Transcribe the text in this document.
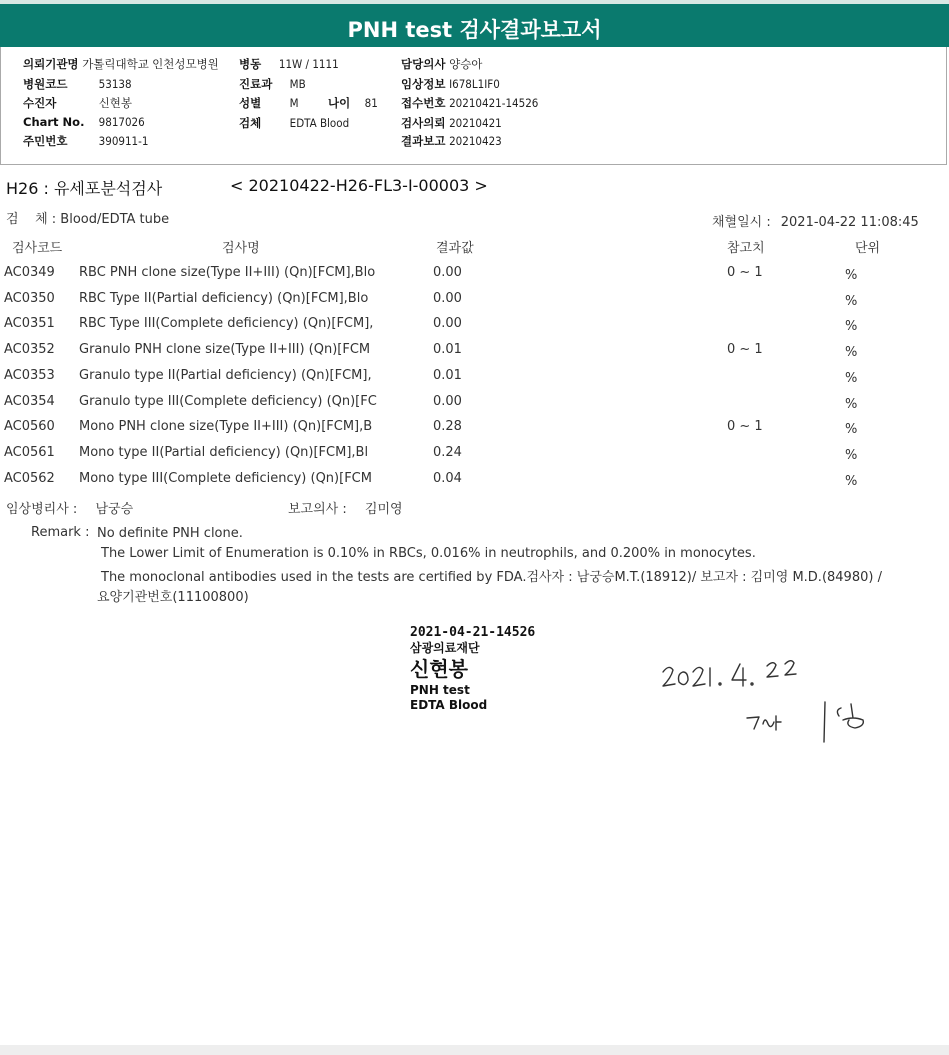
PNH test 검사결과보고서
의뢰기관명 가톨릭대학교 인천성모병원 병동 11W / 1111	담당의사 양승아
병원코드	53138	진료과 MB	임상정보 I678L1IF0
수진자	신현봉	성별 M	나이 81 접수번호 20210421-14526
Chart No. 9817026	검체 EDTA Blood	검사의뢰 20210421
주민번호	390911-1	결과보고 20210423
H26 : 유세포분석검사	< 20210422-H26-FL3-I-00003 >
검    체 : Blood/EDTA tube	채혈일시 : 2021-04-22 11:08:45
검사코드	검사명	결과값	참고치	단위
AC0349 RBC PNH clone size(Type II+III) (Qn)[FCM],Blo	0.00	0 ~ 1	%
AC0350 RBC Type II(Partial deficiency) (Qn)[FCM],Blo	0.00	%
AC0351 RBC Type III(Complete deficiency) (Qn)[FCM],	0.00	%
AC0352 Granulo PNH clone size(Type II+III) (Qn)[FCM	0.01	0 ~ 1	%
AC0353 Granulo type II(Partial deficiency) (Qn)[FCM],	0.01	%
AC0354 Granulo type III(Complete deficiency) (Qn)[FC	0.00	%
AC0560 Mono PNH clone size(Type II+III) (Qn)[FCM],B	0.28	0 ~ 1	%
AC0561 Mono type II(Partial deficiency) (Qn)[FCM],Bl	0.24	%
AC0562 Mono type III(Complete deficiency) (Qn)[FCM	0.04	%
임상병리사 : 남궁승	보고의사 : 김미영
Remark : No definite PNH clone.
The Lower Limit of Enumeration is 0.10% in RBCs, 0.016% in neutrophils, and 0.200% in monocytes.
The monoclonal antibodies used in the tests are certified by FDA.검사자 : 남궁승M.T.(18912)/ 보고자 : 김미영 M.D.(84980) /
요양기관번호(11100800)
2021-04-21-14526
삼광의료재단
신현봉
PNH test
EDTA Blood
